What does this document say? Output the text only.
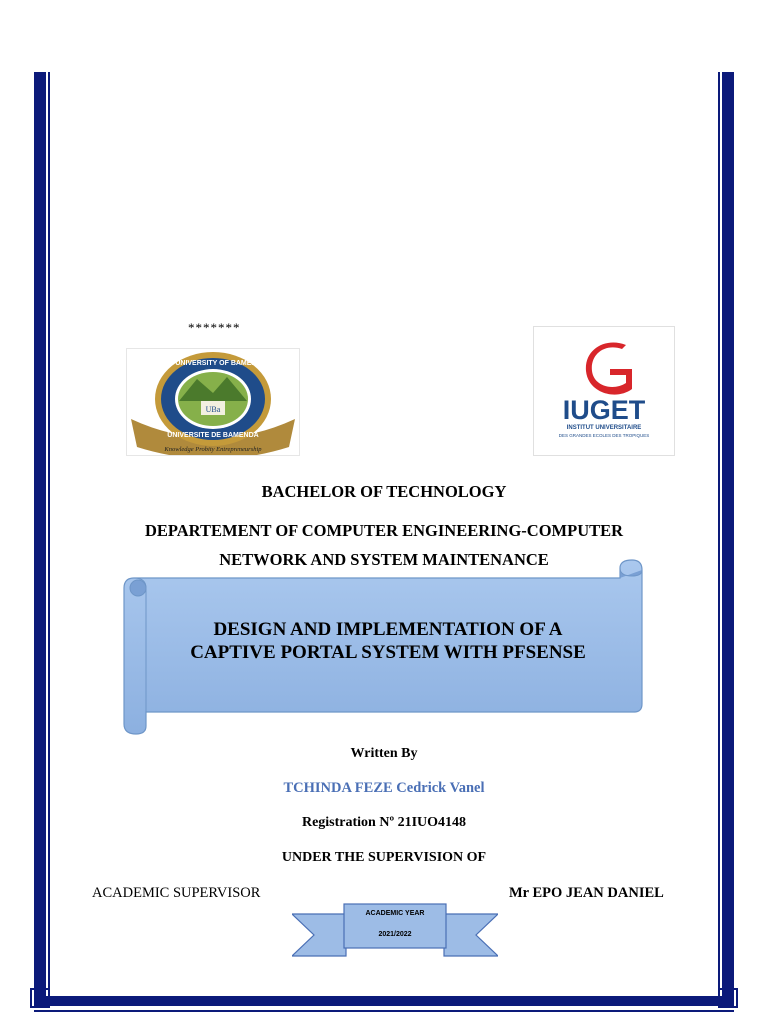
*******
UBa
THE UNIVERSITY OF BAMENDA
UNIVERSITE DE BAMENDA
Knowledge Probity Entrepreneurship
IUGET
INSTITUT UNIVERSITAIRE
DES GRANDES ECOLES DES TROPIQUES
BACHELOR OF TECHNOLOGY
DEPARTEMENT OF COMPUTER ENGINEERING-COMPUTER
NETWORK AND SYSTEM MAINTENANCE
DESIGN AND IMPLEMENTATION OF A
CAPTIVE PORTAL SYSTEM WITH PFSENSE
Written By
TCHINDA FEZE Cedrick Vanel
Registration Nº 21IUO4148
UNDER THE SUPERVISION OF
ACADEMIC SUPERVISOR	Mr EPO JEAN DANIEL
ACADEMIC YEAR
2021/2022
